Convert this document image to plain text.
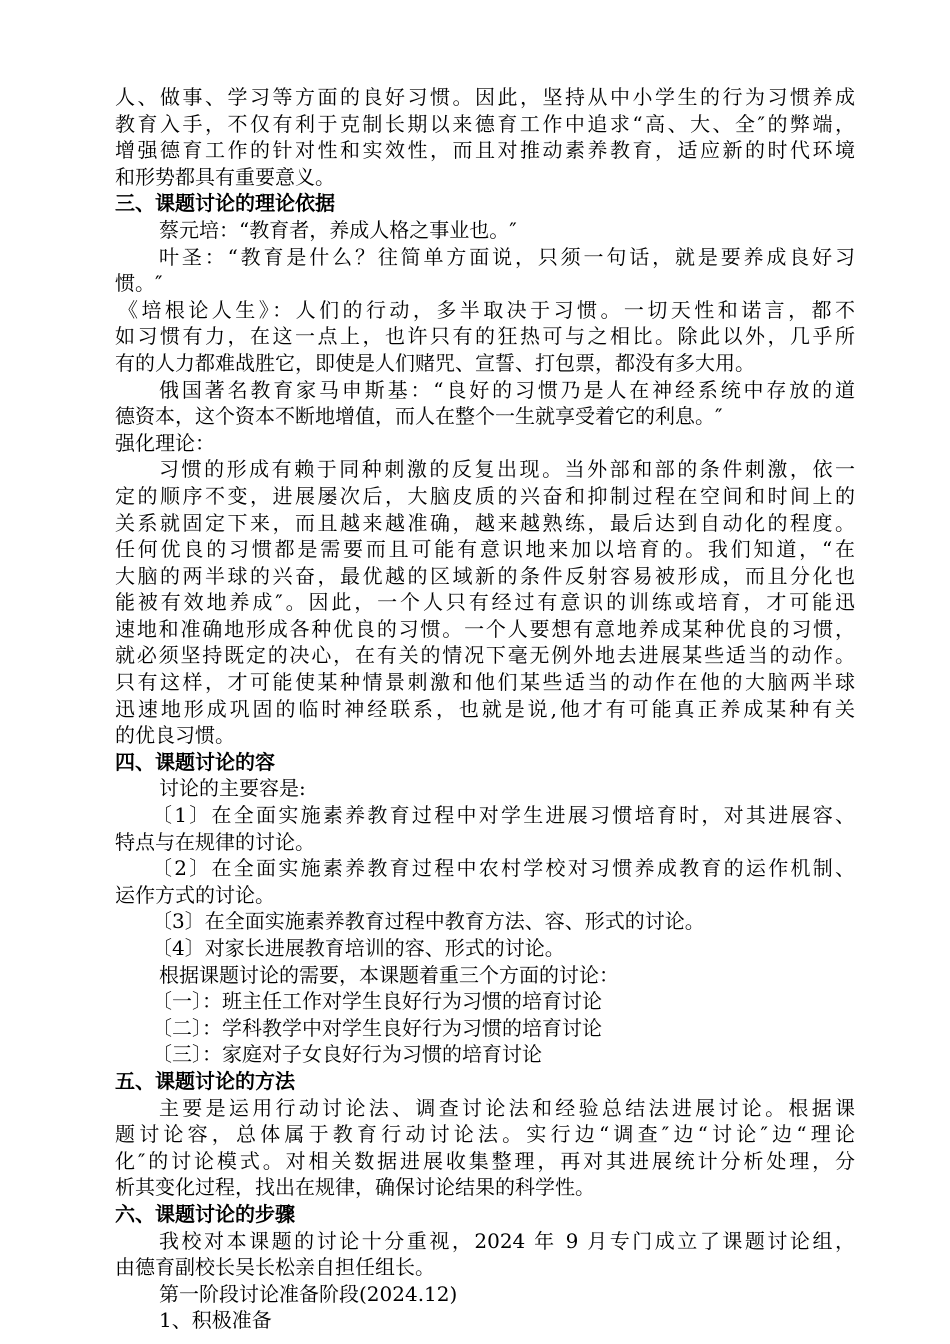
人、做事、学习等方面的良好习惯。因此，坚持从中小学生的行为习惯养成
教育入手，不仅有利于克制长期以来德育工作中追求“高、大、全″的弊端，
增强德育工作的针对性和实效性，而且对推动素养教育，适应新的时代环境
和形势都具有重要意义。
三、课题讨论的理论依据
蔡元培：“教育者，养成人格之事业也。″
叶圣：“教育是什么？往简单方面说，只须一句话，就是要养成良好习
惯。″
《培根论人生》：人们的行动，多半取决于习惯。一切天性和诺言，都不
如习惯有力，在这一点上，也许只有的狂热可与之相比。除此以外，几乎所
有的人力都难战胜它，即使是人们赌咒、宣誓、打包票，都没有多大用。
俄国著名教育家马申斯基：“良好的习惯乃是人在神经系统中存放的道
德资本，这个资本不断地增值，而人在整个一生就享受着它的利息。″
强化理论：
习惯的形成有赖于同种刺激的反复出现。当外部和部的条件刺激，依一
定的顺序不变，进展屡次后，大脑皮质的兴奋和抑制过程在空间和时间上的
关系就固定下来，而且越来越准确，越来越熟练，最后达到自动化的程度。
任何优良的习惯都是需要而且可能有意识地来加以培育的。我们知道，“在
大脑的两半球的兴奋，最优越的区域新的条件反射容易被形成，而且分化也
能被有效地养成″。因此，一个人只有经过有意识的训练或培育，才可能迅
速地和准确地形成各种优良的习惯。一个人要想有意地养成某种优良的习惯，
就必须坚持既定的决心，在有关的情况下毫无例外地去进展某些适当的动作。
只有这样，才可能使某种情景刺激和他们某些适当的动作在他的大脑两半球
迅速地形成巩固的临时神经联系，也就是说,他才有可能真正养成某种有关
的优良习惯。
四、课题讨论的容
讨论的主要容是:
〔1〕在全面实施素养教育过程中对学生进展习惯培育时，对其进展容、
特点与在规律的讨论。
〔2〕在全面实施素养教育过程中农村学校对习惯养成教育的运作机制、
运作方式的讨论。
〔3〕在全面实施素养教育过程中教育方法、容、形式的讨论。
〔4〕对家长进展教育培训的容、形式的讨论。
根据课题讨论的需要，本课题着重三个方面的讨论：
〔一〕：班主任工作对学生良好行为习惯的培育讨论
〔二〕：学科教学中对学生良好行为习惯的培育讨论
〔三〕：家庭对子女良好行为习惯的培育讨论
五、课题讨论的方法
主要是运用行动讨论法、调查讨论法和经验总结法进展讨论。根据课
题讨论容，总体属于教育行动讨论法。实行边“调查″边“讨论″边“理论
化″的讨论模式。对相关数据进展收集整理，再对其进展统计分析处理，分
析其变化过程，找出在规律，确保讨论结果的科学性。
六、课题讨论的步骤
我校对本课题的讨论十分重视，2024 年 9 月专门成立了课题讨论组，
由德育副校长吴长松亲自担任组长。
第一阶段讨论准备阶段(2024.12)
1、积极准备
